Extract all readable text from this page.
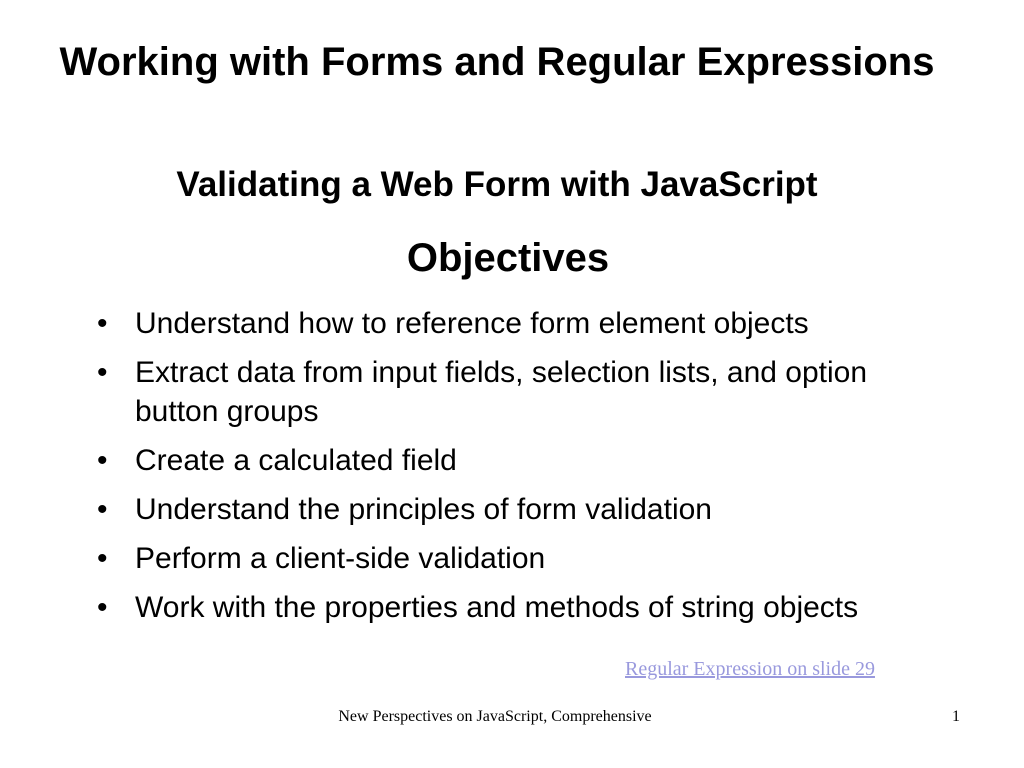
Working with Forms and Regular Expressions
Validating a Web Form with JavaScript
Objectives
• Understand how to reference form element objects
• Extract data from input fields, selection lists, and option button groups
• Create a calculated field
• Understand the principles of form validation
• Perform a client-side validation
• Work with the properties and methods of string objects
Regular Expression on slide 29
New Perspectives on JavaScript, Comprehensive	1
